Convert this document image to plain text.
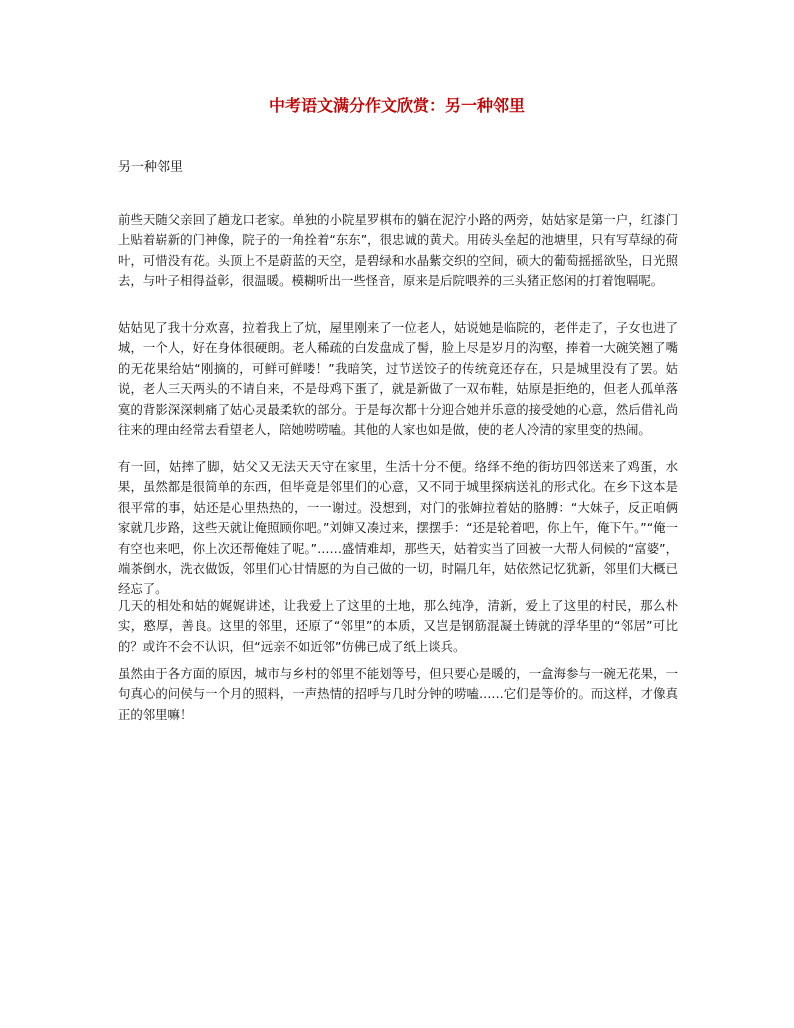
中考语文满分作文欣赏：另一种邻里

另一种邻里

前些天随父亲回了趟龙口老家。单独的小院星罗棋布的躺在泥泞小路的两旁，姑姑家是第一户，红漆门上贴着崭新的门神像，院子的一角拴着“东东”，很忠诚的黄犬。用砖头垒起的池塘里，只有写草绿的荷叶，可惜没有花。头顶上不是蔚蓝的天空，是碧绿和水晶紫交织的空间，硕大的葡萄摇摇欲坠，日光照去，与叶子相得益彰，很温暖。模糊听出一些怪音，原来是后院喂养的三头猪正悠闲的打着饱嗝呢。

姑姑见了我十分欢喜，拉着我上了炕，屋里刚来了一位老人，姑说她是临院的，老伴走了，子女也进了城，一个人，好在身体很硬朗。老人稀疏的白发盘成了髻，脸上尽是岁月的沟壑，捧着一大碗笑翘了嘴的无花果给姑“刚摘的，可鲜可鲜喽！”我暗笑，过节送饺子的传统竟还存在，只是城里没有了罢。姑说，老人三天两头的不请自来，不是母鸡下蛋了，就是新做了一双布鞋，姑原是拒绝的，但老人孤单落寞的背影深深刺痛了姑心灵最柔软的部分。于是每次都十分迎合她并乐意的接受她的心意，然后借礼尚往来的理由经常去看望老人，陪她唠唠嗑。其他的人家也如是做，使的老人冷清的家里变的热闹。

有一回，姑摔了脚，姑父又无法天天守在家里，生活十分不便。络绎不绝的街坊四邻送来了鸡蛋，水果，虽然都是很简单的东西，但毕竟是邻里们的心意，又不同于城里探病送礼的形式化。在乡下这本是很平常的事，姑还是心里热热的，一一谢过。没想到，对门的张婶拉着姑的胳膊：“大妹子，反正咱俩家就几步路，这些天就让俺照顾你吧。”刘婶又凑过来，摆摆手：“还是轮着吧，你上午，俺下午。”“俺一有空也来吧，你上次还帮俺娃了呢。”……盛情难却，那些天，姑着实当了回被一大帮人伺候的“富婆”，端茶倒水，洗衣做饭，邻里们心甘情愿的为自己做的一切，时隔几年，姑依然记忆犹新，邻里们大概已经忘了。

几天的相处和姑的娓娓讲述，让我爱上了这里的土地，那么纯净，清新，爱上了这里的村民，那么朴实，憨厚，善良。这里的邻里，还原了“邻里”的本质，又岂是钢筋混凝土铸就的浮华里的“邻居”可比的？或许不会不认识，但“远亲不如近邻”仿佛已成了纸上谈兵。

虽然由于各方面的原因，城市与乡村的邻里不能划等号，但只要心是暖的，一盒海参与一碗无花果，一句真心的问侯与一个月的照料，一声热情的招呼与几时分钟的唠嗑……它们是等价的。而这样，才像真正的邻里嘛！
